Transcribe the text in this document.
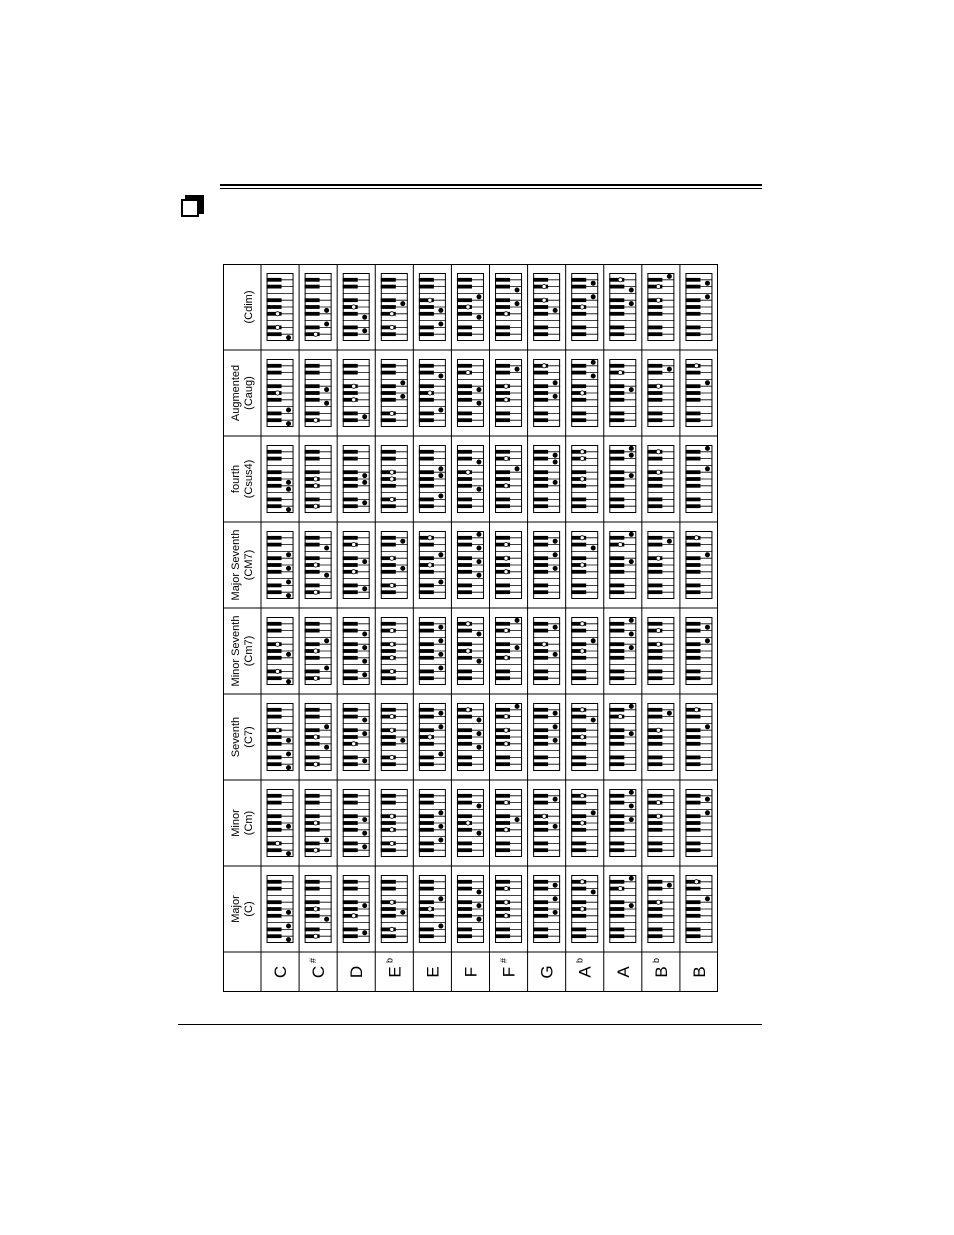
Major (C)
Minor (Cm)
Seventh (C7)
Minor Seventh (Cm7)
Major Seventh (CM7)
fourth (Csus4)
Augmented (Caug)
(Cdim)
C C
#
D E
b
E F F
#
G A
b
A B
b
B
